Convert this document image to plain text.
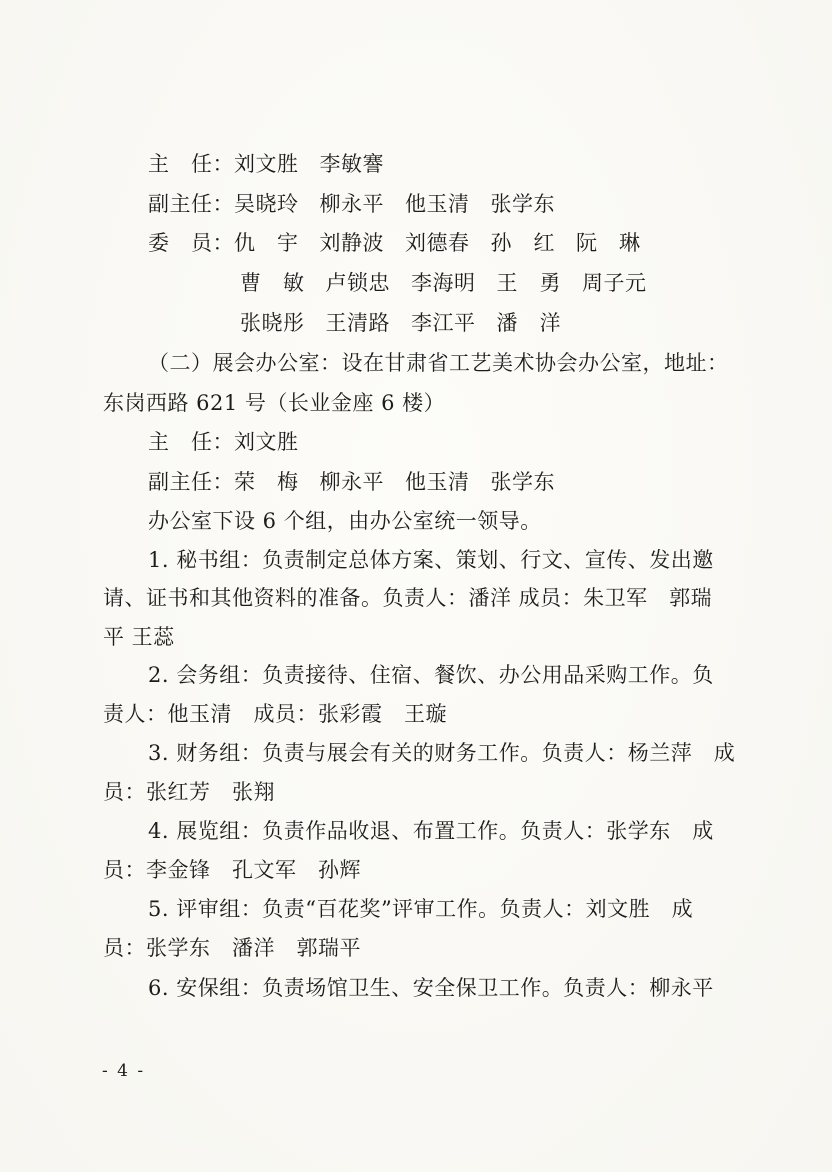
主　任：刘文胜 李敏謇
副主任：吴晓玲 柳永平 他玉清 张学东
委　员：仇　宇 刘静波 刘德春 孙　红 阮　琳
曹　敏 卢锁忠 李海明 王　勇 周子元
张晓彤 王清路 李江平 潘　洋
（二）展会办公室：设在甘肃省工艺美术协会办公室，地址：
东岗西路 621 号（长业金座 6 楼）
主　任：刘文胜
副主任：荣　梅 柳永平 他玉清 张学东
办公室下设 6 个组，由办公室统一领导。
1. 秘书组：负责制定总体方案、策划、行文、宣传、发出邀
请、证书和其他资料的准备。负责人：潘洋 成员：朱卫军　郭瑞
平 王蕊
2. 会务组：负责接待、住宿、餐饮、办公用品采购工作。负
责人：他玉清　成员：张彩霞　王璇
3. 财务组：负责与展会有关的财务工作。负责人：杨兰萍　成
员：张红芳　张翔
4. 展览组：负责作品收退、布置工作。负责人：张学东　成
员：李金锋　孔文军　孙辉
5. 评审组：负责“百花奖”评审工作。负责人：刘文胜　成
员：张学东　潘洋　郭瑞平
6. 安保组：负责场馆卫生、安全保卫工作。负责人：柳永平
- 4 -
